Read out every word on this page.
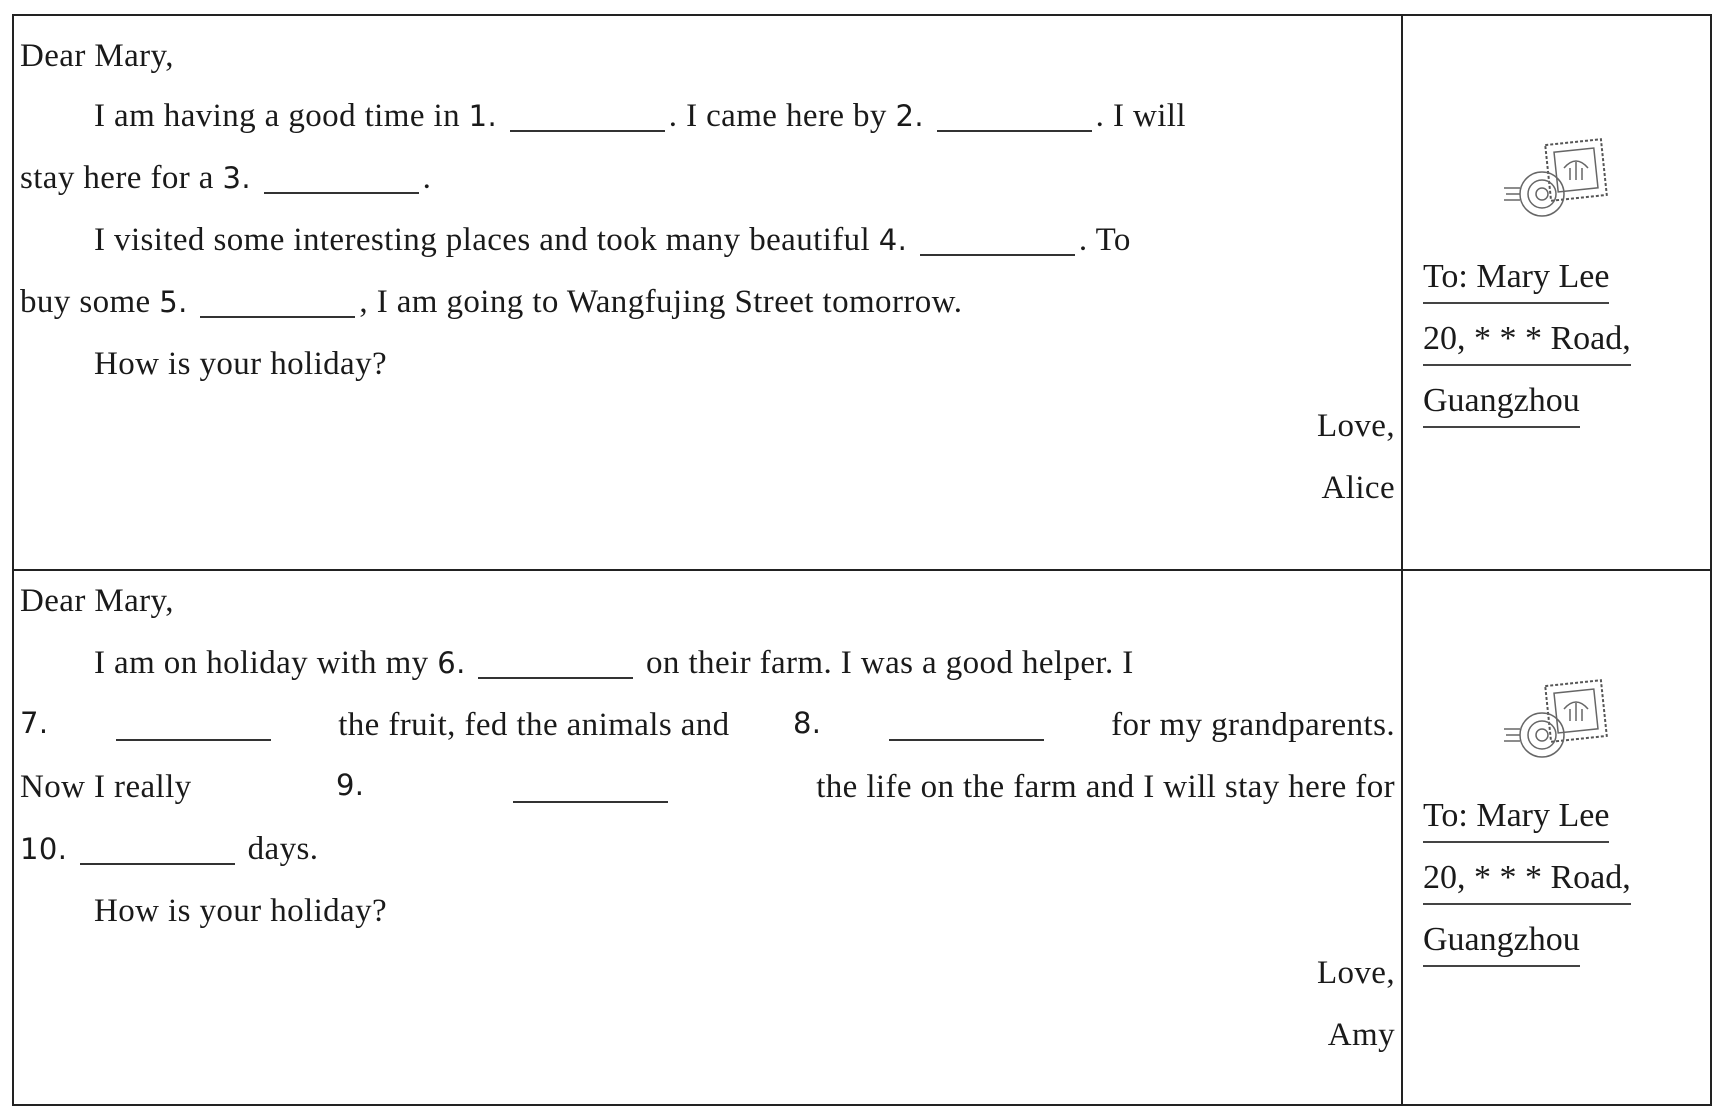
Dear Mary,
I am having a good time in 1.	. I came here by 2.	. I will
stay here for a 3.	.
I visited some interesting places and took many beautiful 4.	. To
buy some 5.	, I am going to Wangfujing Street tomorrow.
How is your holiday?
Love,
Alice
To: Mary Lee
20, * * * Road,
Guangzhou
Dear Mary,
I am on holiday with my 6.	on their farm. I was a good helper. I
7.	the fruit, fed the animals and 8.	for my grandparents.
Now I really	9.	the life on the farm and I will stay here for
10.	days.
How is your holiday?
Love,
Amy
To: Mary Lee
20, * * * Road,
Guangzhou
